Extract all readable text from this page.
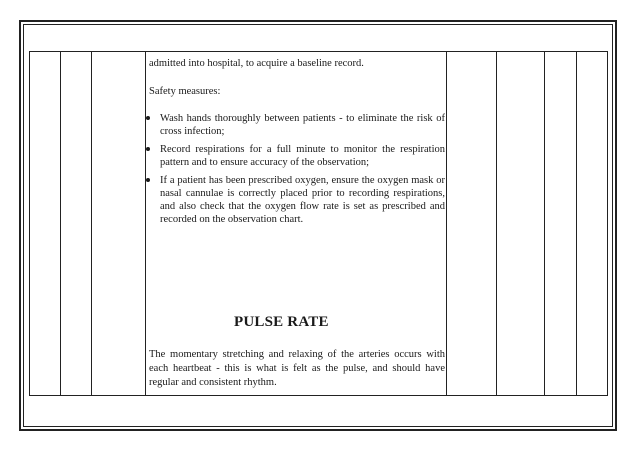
admitted into hospital, to acquire a baseline record.

Safety measures:

Wash hands thoroughly between patients - to eliminate the risk of cross infection;
Record respirations for a full minute to monitor the respiration pattern and to ensure accuracy of the observation;
If a patient has been prescribed oxygen, ensure the oxygen mask or nasal cannulae is correctly placed prior to recording respirations, and also check that the oxygen flow rate is set as prescribed and recorded on the observation chart.
PULSE RATE

The momentary stretching and relaxing of the arteries occurs with each heartbeat - this is what is felt as the pulse, and should have regular and consistent rhythm.
